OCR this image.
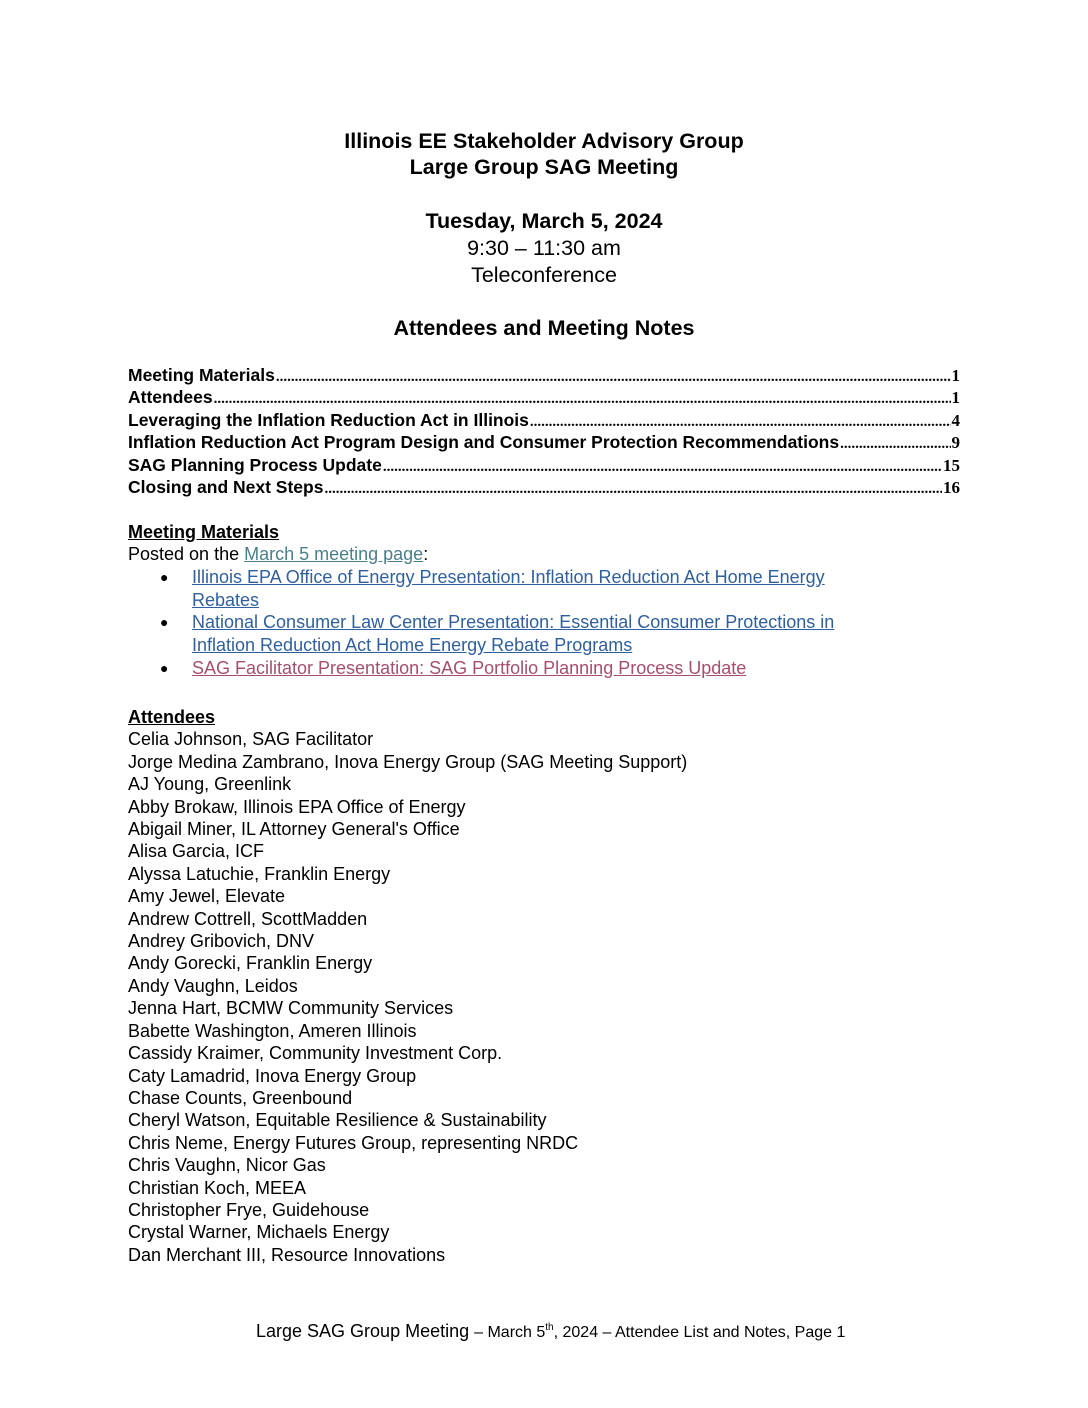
Illinois EE Stakeholder Advisory Group
Large Group SAG Meeting
Tuesday, March 5, 2024
9:30 – 11:30 am
Teleconference
Attendees and Meeting Notes
Meeting Materials .....	1
Attendees .....	1
Leveraging the Inflation Reduction Act in Illinois .....	4
Inflation Reduction Act Program Design and Consumer Protection Recommendations .....	9
SAG Planning Process Update .....	15
Closing and Next Steps .....	16
Meeting Materials
Posted on the March 5 meeting page:
● Illinois EPA Office of Energy Presentation: Inflation Reduction Act Home Energy
Rebates
● National Consumer Law Center Presentation: Essential Consumer Protections in
Inflation Reduction Act Home Energy Rebate Programs
● SAG Facilitator Presentation: SAG Portfolio Planning Process Update
Attendees
Celia Johnson, SAG Facilitator
Jorge Medina Zambrano, Inova Energy Group (SAG Meeting Support)
AJ Young, Greenlink
Abby Brokaw, Illinois EPA Office of Energy
Abigail Miner, IL Attorney General's Office
Alisa Garcia, ICF
Alyssa Latuchie, Franklin Energy
Amy Jewel, Elevate
Andrew Cottrell, ScottMadden
Andrey Gribovich, DNV
Andy Gorecki, Franklin Energy
Andy Vaughn, Leidos
Jenna Hart, BCMW Community Services
Babette Washington, Ameren Illinois
Cassidy Kraimer, Community Investment Corp.
Caty Lamadrid, Inova Energy Group
Chase Counts, Greenbound
Cheryl Watson, Equitable Resilience & Sustainability
Chris Neme, Energy Futures Group, representing NRDC
Chris Vaughn, Nicor Gas
Christian Koch, MEEA
Christopher Frye, Guidehouse
Crystal Warner, Michaels Energy
Dan Merchant III, Resource Innovations
Large SAG Group Meeting – March 5th, 2024 – Attendee List and Notes, Page 1
